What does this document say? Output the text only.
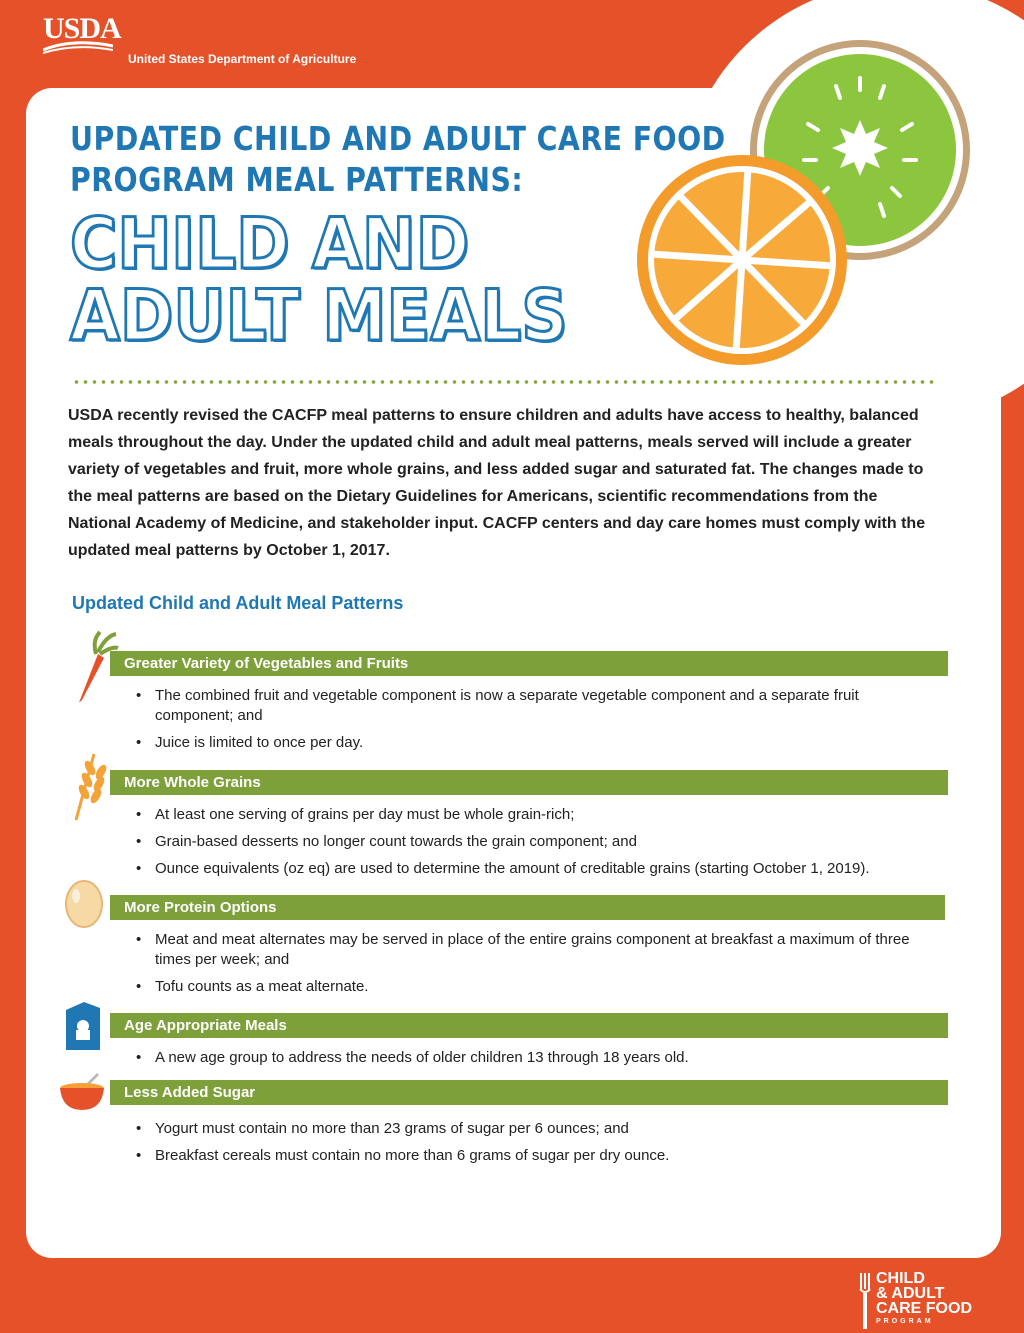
USDA
United States Department of Agriculture
UPDATED CHILD AND ADULT CARE FOOD
PROGRAM MEAL PATTERNS:
CHILD AND
ADULT MEALS
USDA recently revised the CACFP meal patterns to ensure children and adults have access to healthy, balanced meals throughout the day. Under the updated child and adult meal patterns, meals served will include a greater variety of vegetables and fruit, more whole grains, and less added sugar and saturated fat. The changes made to the meal patterns are based on the Dietary Guidelines for Americans, scientific recommendations from the National Academy of Medicine, and stakeholder input. CACFP centers and day care homes must comply with the updated meal patterns by October 1, 2017.
Updated Child and Adult Meal Patterns
Greater Variety of Vegetables and Fruits
• The combined fruit and vegetable component is now a separate vegetable component and a separate fruit component; and
• Juice is limited to once per day.
More Whole Grains
• At least one serving of grains per day must be whole grain-rich;
• Grain-based desserts no longer count towards the grain component; and
• Ounce equivalents (oz eq) are used to determine the amount of creditable grains (starting October 1, 2019).
More Protein Options
• Meat and meat alternates may be served in place of the entire grains component at breakfast a maximum of three times per week; and
• Tofu counts as a meat alternate.
Age Appropriate Meals
• A new age group to address the needs of older children 13 through 18 years old.
Less Added Sugar
• Yogurt must contain no more than 23 grams of sugar per 6 ounces; and
• Breakfast cereals must contain no more than 6 grams of sugar per dry ounce.
CHILD
& ADULT
CARE FOOD
PROGRAM
